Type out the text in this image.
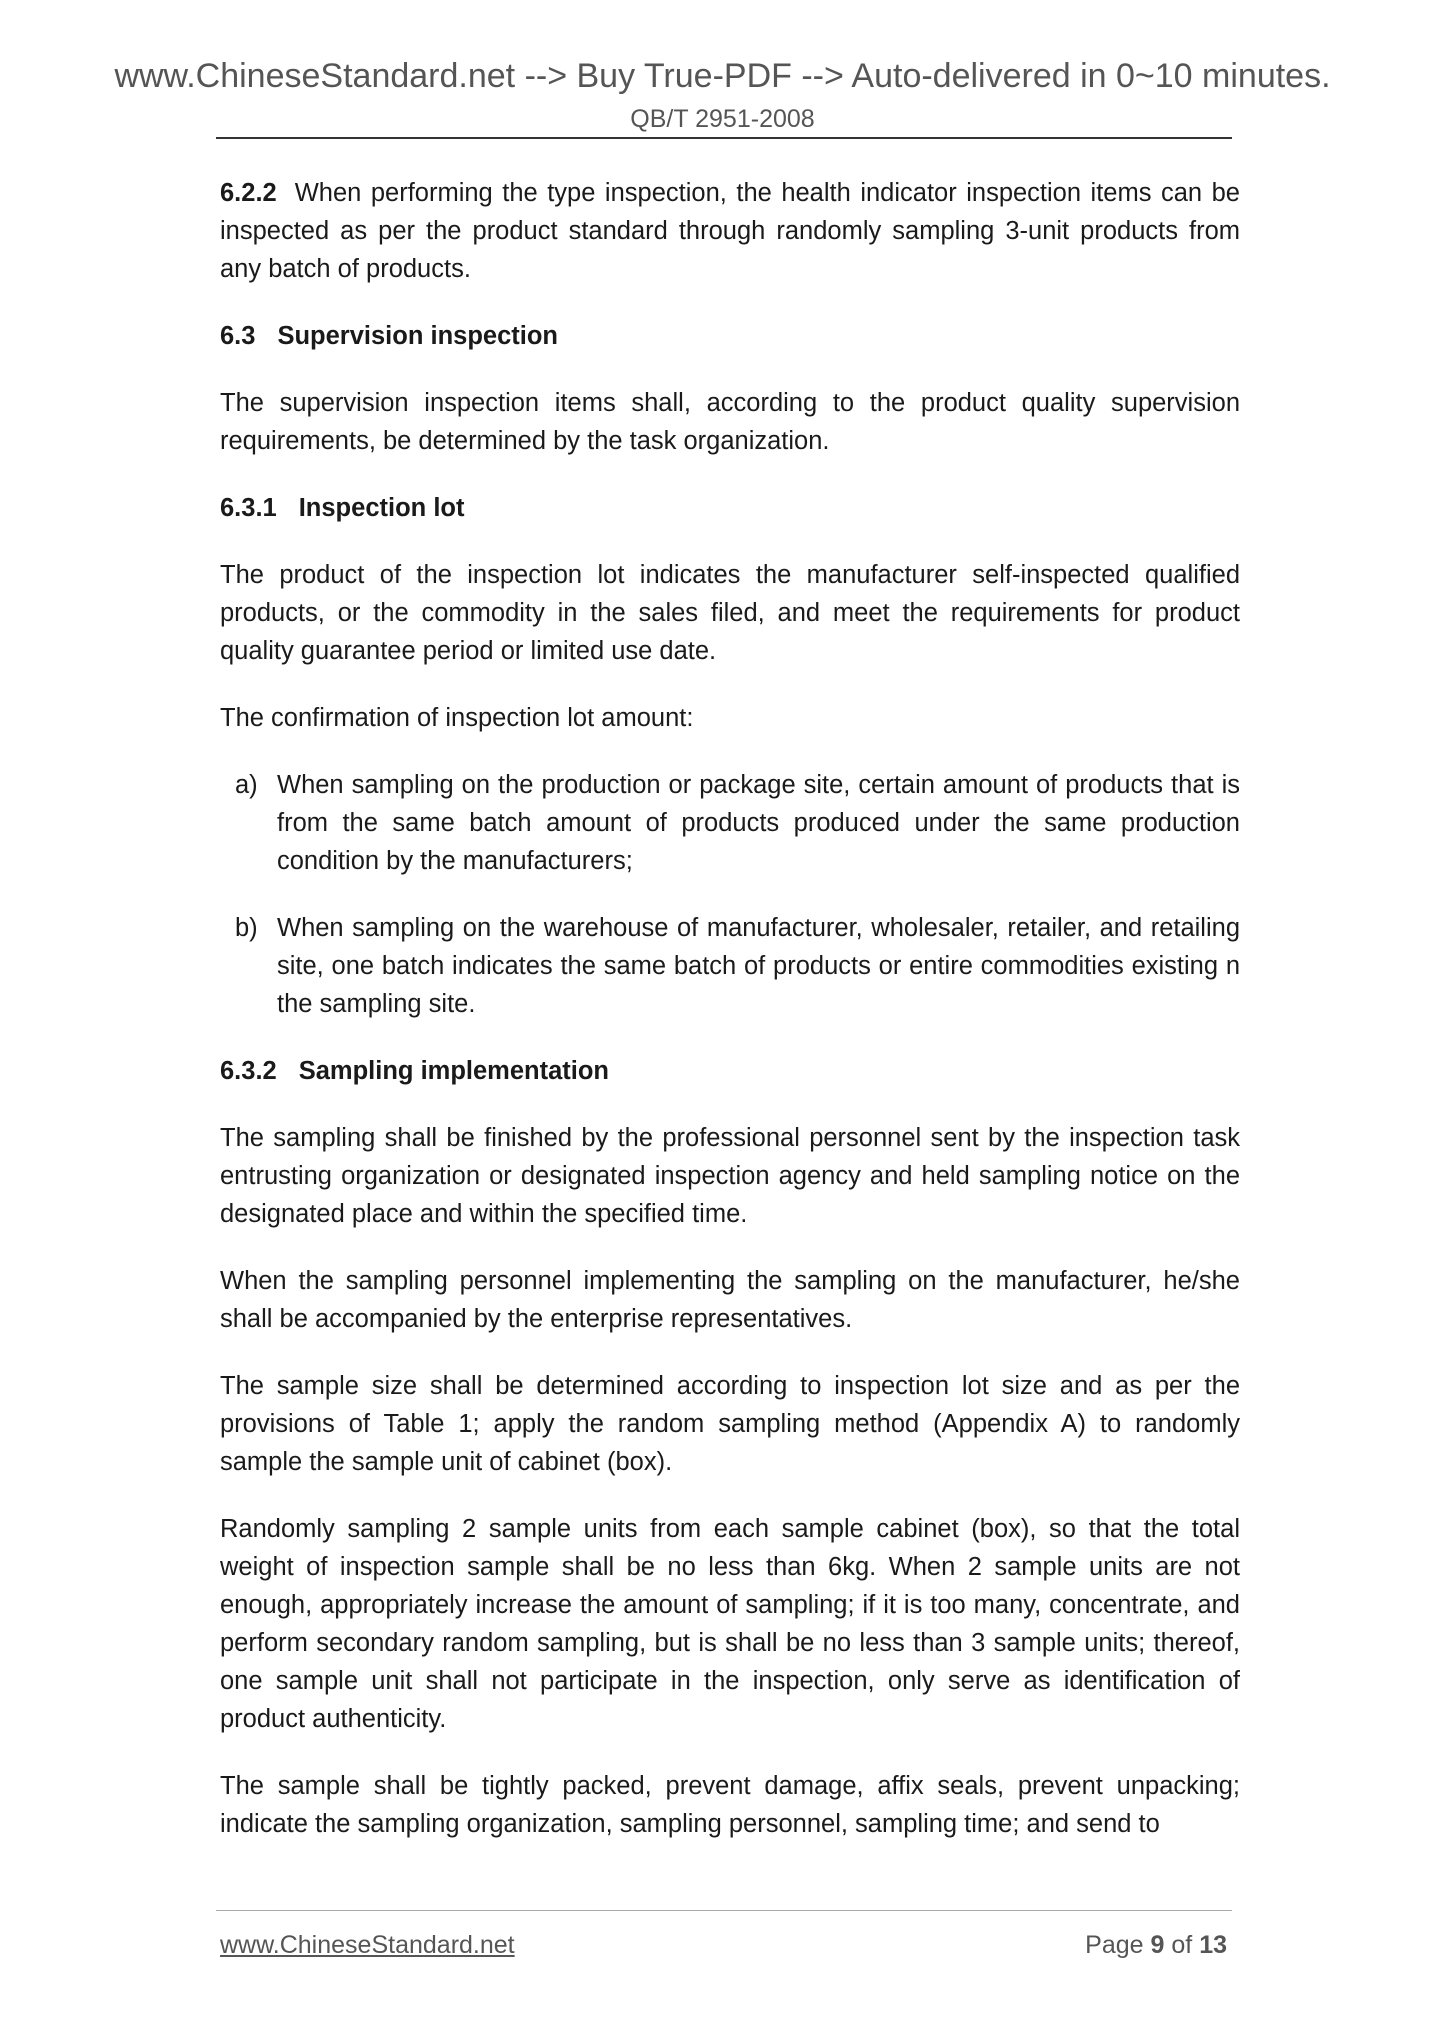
www.ChineseStandard.net --> Buy True-PDF --> Auto-delivered in 0~10 minutes.
QB/T 2951-2008

6.2.2 When performing the type inspection, the health indicator inspection items can be inspected as per the product standard through randomly sampling 3-unit products from any batch of products.

6.3 Supervision inspection

The supervision inspection items shall, according to the product quality supervision requirements, be determined by the task organization.

6.3.1 Inspection lot

The product of the inspection lot indicates the manufacturer self-inspected qualified products, or the commodity in the sales filed, and meet the requirements for product quality guarantee period or limited use date.

The confirmation of inspection lot amount:

a) When sampling on the production or package site, certain amount of products that is from the same batch amount of products produced under the same production condition by the manufacturers;
b) When sampling on the warehouse of manufacturer, wholesaler, retailer, and retailing site, one batch indicates the same batch of products or entire commodities existing n the sampling site.
6.3.2 Sampling implementation

The sampling shall be finished by the professional personnel sent by the inspection task entrusting organization or designated inspection agency and held sampling notice on the designated place and within the specified time.

When the sampling personnel implementing the sampling on the manufacturer, he/she shall be accompanied by the enterprise representatives.

The sample size shall be determined according to inspection lot size and as per the provisions of Table 1; apply the random sampling method (Appendix A) to randomly sample the sample unit of cabinet (box).

Randomly sampling 2 sample units from each sample cabinet (box), so that the total weight of inspection sample shall be no less than 6kg. When 2 sample units are not enough, appropriately increase the amount of sampling; if it is too many, concentrate, and perform secondary random sampling, but is shall be no less than 3 sample units; thereof, one sample unit shall not participate in the inspection, only serve as identification of product authenticity.

The sample shall be tightly packed, prevent damage, affix seals, prevent unpacking; indicate the sampling organization, sampling personnel, sampling time; and send to

www.ChineseStandard.net	Page 9 of 13
